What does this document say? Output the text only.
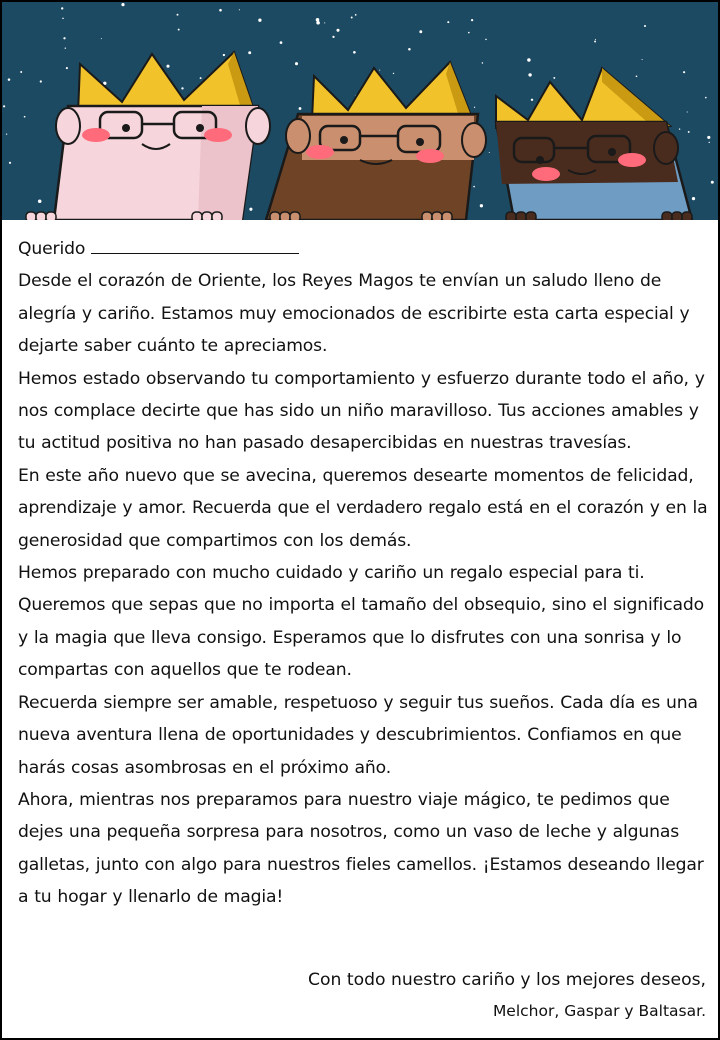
Querido

Desde el corazón de Oriente, los Reyes Magos te envían un saludo lleno de alegría y cariño. Estamos muy emocionados de escribirte esta carta especial y dejarte saber cuánto te apreciamos.

Hemos estado observando tu comportamiento y esfuerzo durante todo el año, y nos complace decirte que has sido un niño maravilloso. Tus acciones amables y tu actitud positiva no han pasado desapercibidas en nuestras travesías.

En este año nuevo que se avecina, queremos desearte momentos de felicidad, aprendizaje y amor. Recuerda que el verdadero regalo está en el corazón y en la generosidad que compartimos con los demás.

Hemos preparado con mucho cuidado y cariño un regalo especial para ti. Queremos que sepas que no importa el tamaño del obsequio, sino el significado y la magia que lleva consigo. Esperamos que lo disfrutes con una sonrisa y lo compartas con aquellos que te rodean.

Recuerda siempre ser amable, respetuoso y seguir tus sueños. Cada día es una nueva aventura llena de oportunidades y descubrimientos. Confiamos en que harás cosas asombrosas en el próximo año.

Ahora, mientras nos preparamos para nuestro viaje mágico, te pedimos que dejes una pequeña sorpresa para nosotros, como un vaso de leche y algunas galletas, junto con algo para nuestros fieles camellos. ¡Estamos deseando llegar a tu hogar y llenarlo de magia!

Con todo nuestro cariño y los mejores deseos,
Melchor, Gaspar y Baltasar.
